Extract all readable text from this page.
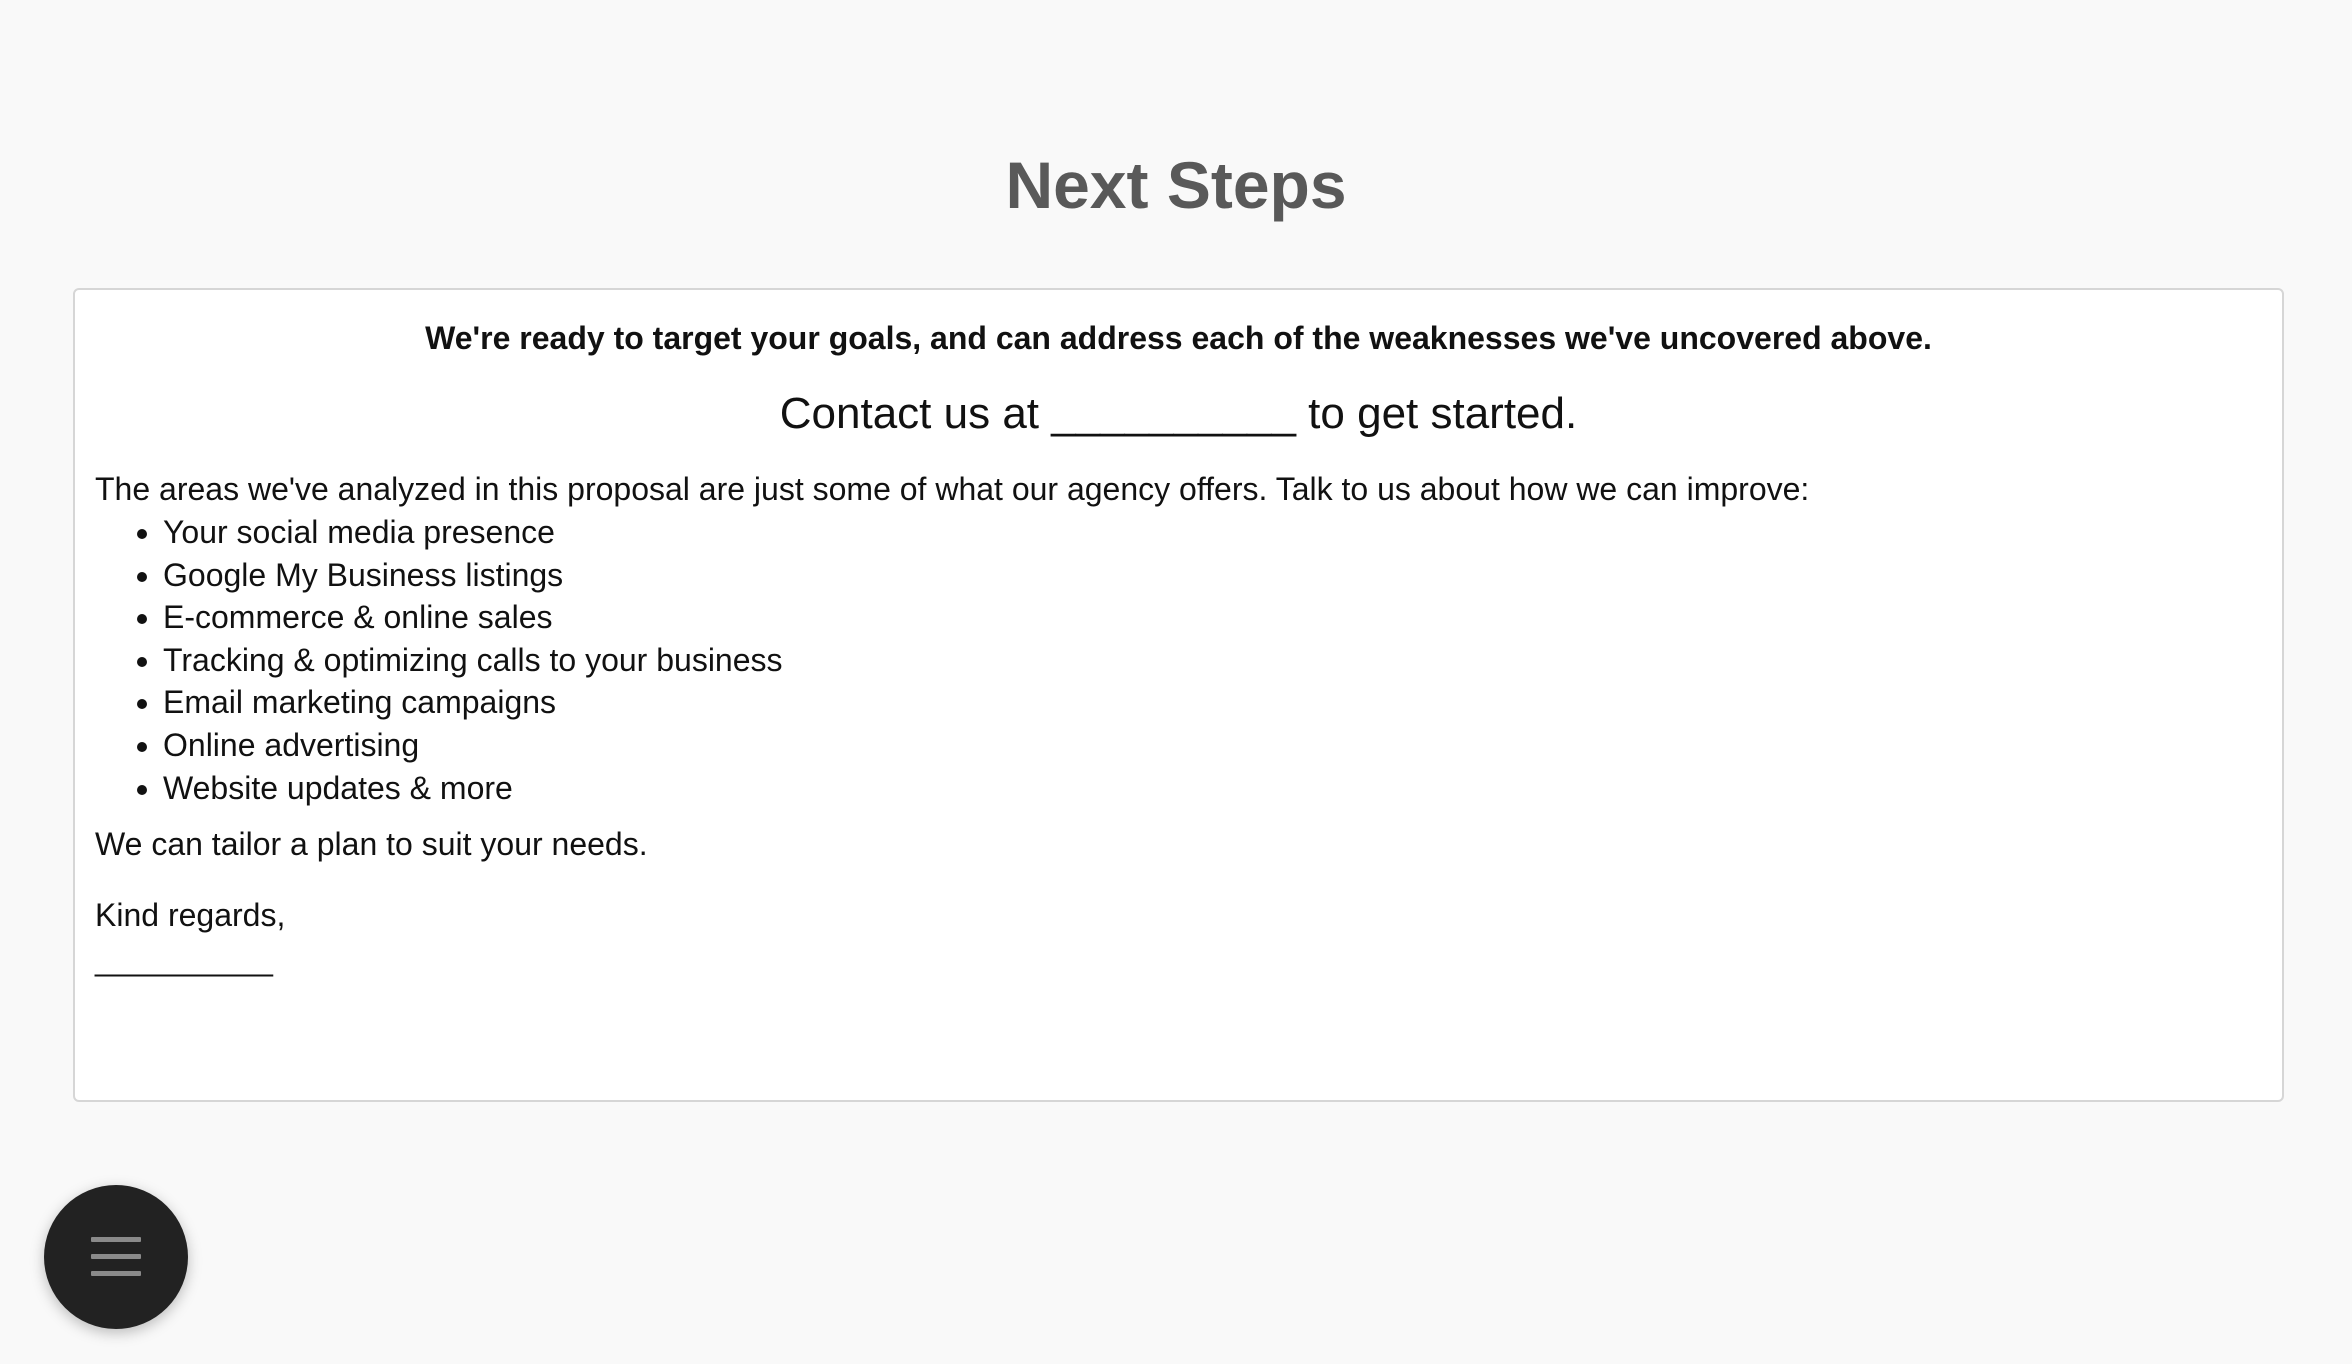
Next Steps

We're ready to target your goals, and can address each of the weaknesses we've uncovered above.

Contact us at __________ to get started.

The areas we've analyzed in this proposal are just some of what our agency offers. Talk to us about how we can improve:

• Your social media presence
• Google My Business listings
• E-commerce & online sales
• Tracking & optimizing calls to your business
• Email marketing campaigns
• Online advertising
• Website updates & more

We can tailor a plan to suit your needs.

Kind regards,

__________
